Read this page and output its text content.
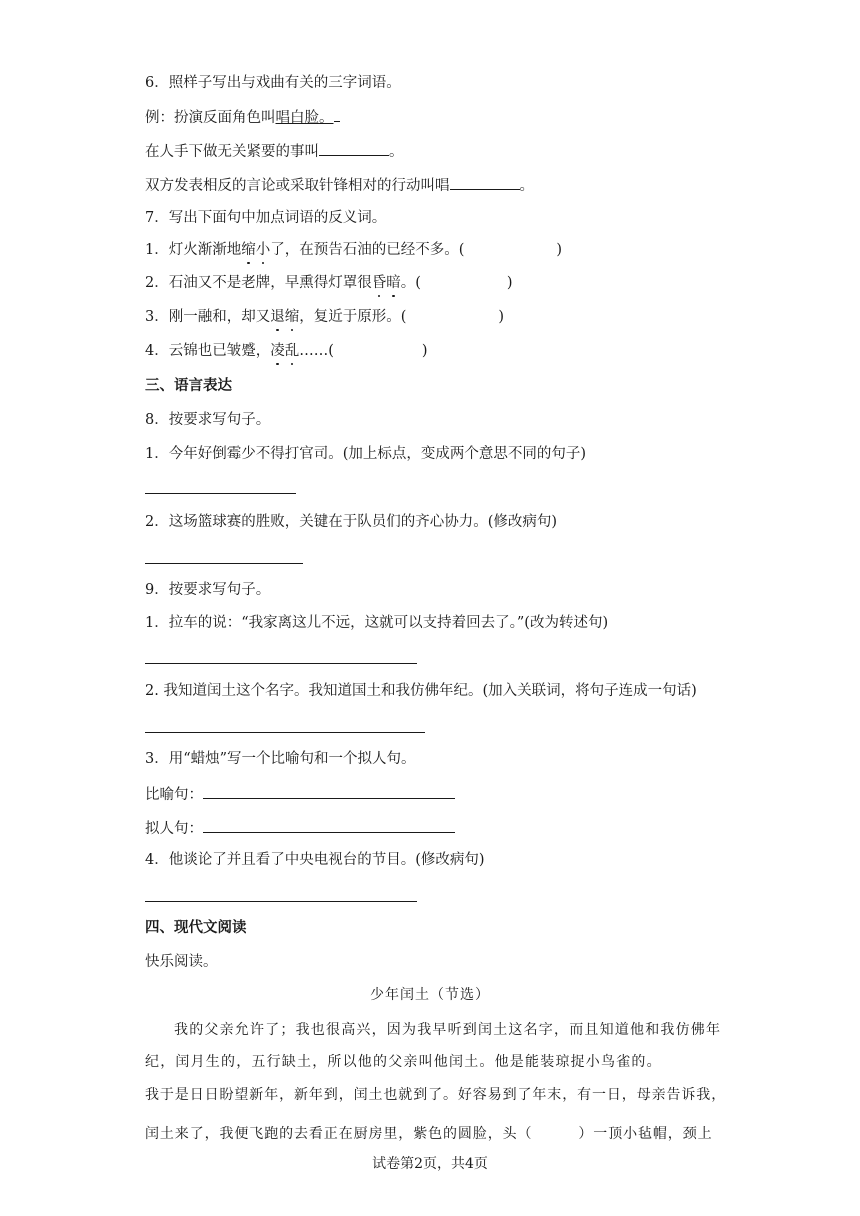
6．照样子写出与戏曲有关的三字词语。
例：扮演反面角色叫唱白脸。
在人手下做无关紧要的事叫	。
双方发表相反的言论或采取针锋相对的行动叫唱	。
7．写出下面句中加点词语的反义词。
1．灯火渐渐地缩小了，在预告石油的已经不多。(	)
2．石油又不是老牌，早熏得灯罩很昏暗。(	)
3．刚一融和，却又退缩，复近于原形。(	)
4．云锦也已皱蹙，凌乱……(	)
三、语言表达
8．按要求写句子。
1．今年好倒霉少不得打官司。(加上标点，变成两个意思不同的句子)
2．这场篮球赛的胜败，关键在于队员们的齐心协力。(修改病句)
9．按要求写句子。
1．拉车的说：“我家离这儿不远，这就可以支持着回去了。”(改为转述句)
2. 我知道闰土这个名字。我知道国土和我仿佛年纪。(加入关联词，将句子连成一句话)
3．用“蜡烛”写一个比喻句和一个拟人句。
比喻句：
拟人句：
4．他谈论了并且看了中央电视台的节目。(修改病句)
四、现代文阅读
快乐阅读。
少年闰土（节选）
我的父亲允许了；我也很高兴，因为我早听到闰土这名字，而且知道他和我仿佛年
纪，闰月生的，五行缺土，所以他的父亲叫他闰土。他是能装琼捉小鸟雀的。
我于是日日盼望新年，新年到，闰土也就到了。好容易到了年末，有一日，母亲告诉我，
闰土来了，我便飞跑的去看正在厨房里，紫色的圆脸，头（	）一顶小毡帽，颈上
试卷第2页，共4页
